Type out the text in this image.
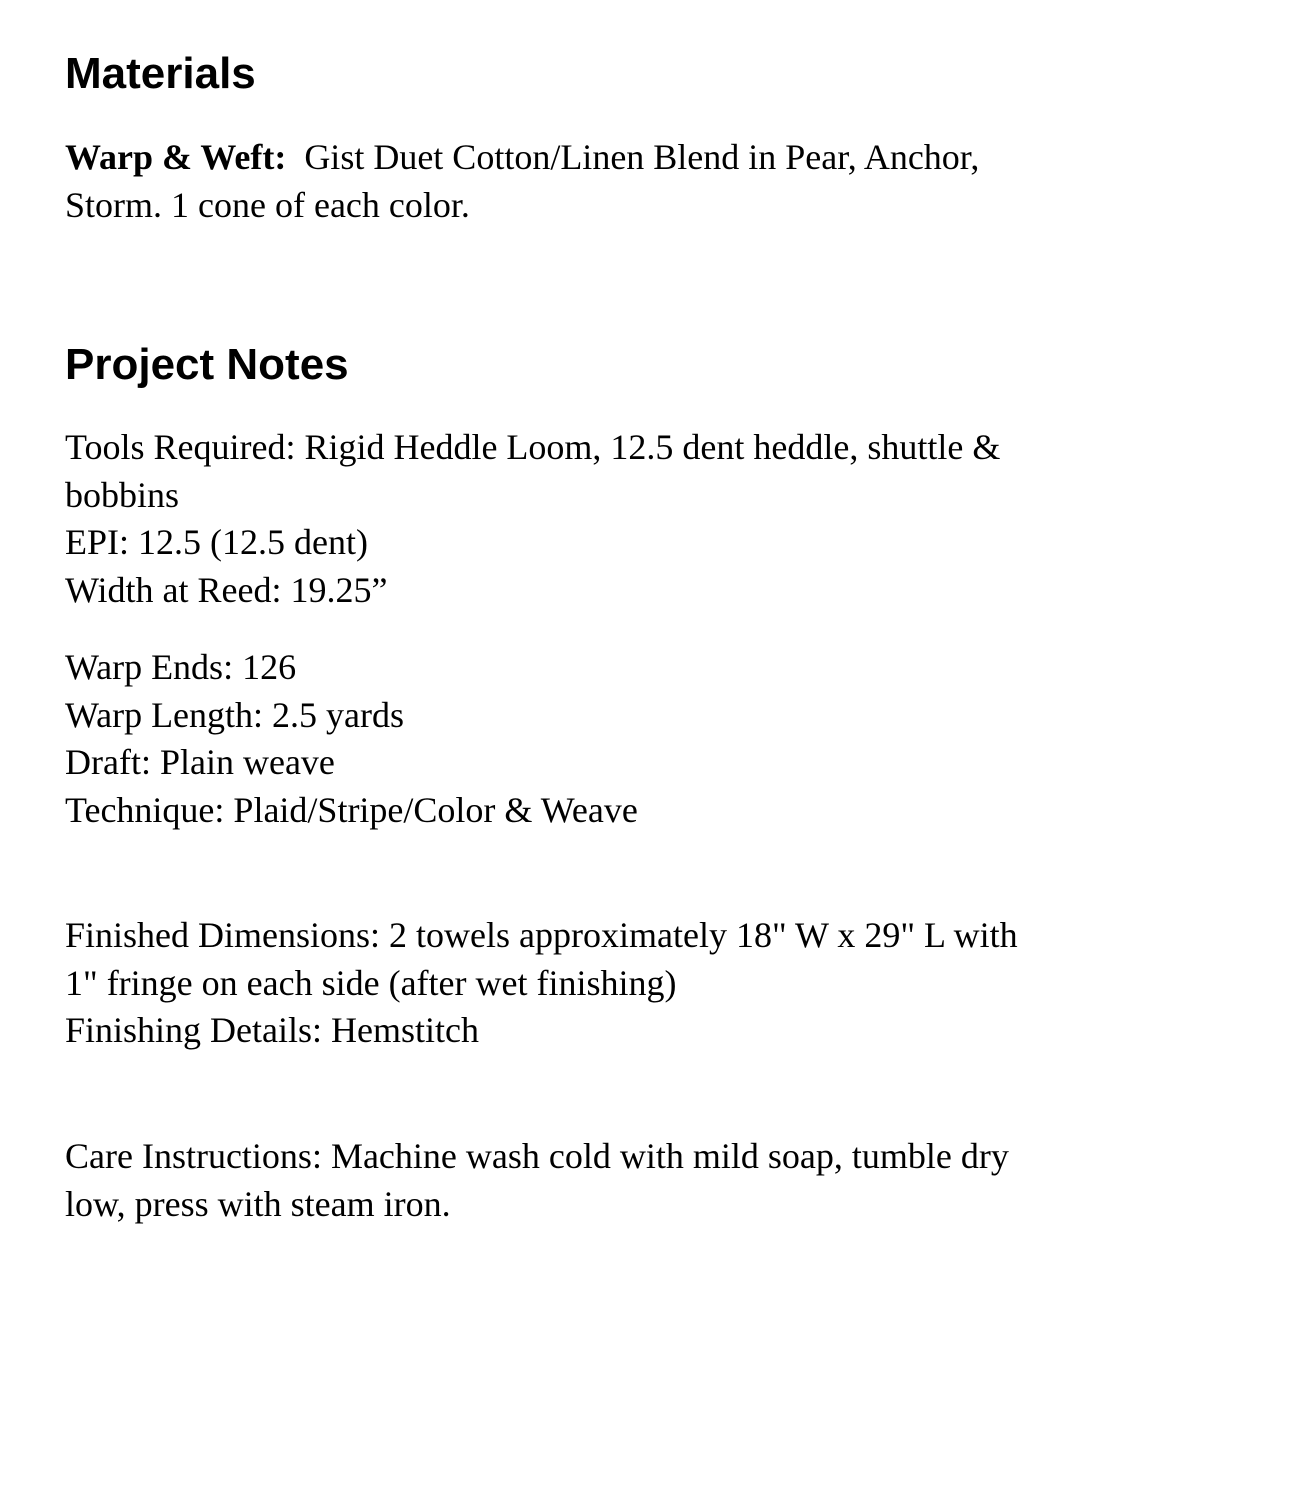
Materials
Warp & Weft: Gist Duet Cotton/Linen Blend in Pear, Anchor,
Storm. 1 cone of each color.
Project Notes
Tools Required: Rigid Heddle Loom, 12.5 dent heddle, shuttle &
bobbins
EPI: 12.5 (12.5 dent)
Width at Reed: 19.25”
Warp Ends: 126
Warp Length: 2.5 yards
Draft: Plain weave
Technique: Plaid/Stripe/Color & Weave
Finished Dimensions: 2 towels approximately 18" W x 29" L with
1" fringe on each side (after wet finishing)
Finishing Details: Hemstitch
Care Instructions: Machine wash cold with mild soap, tumble dry
low, press with steam iron.
